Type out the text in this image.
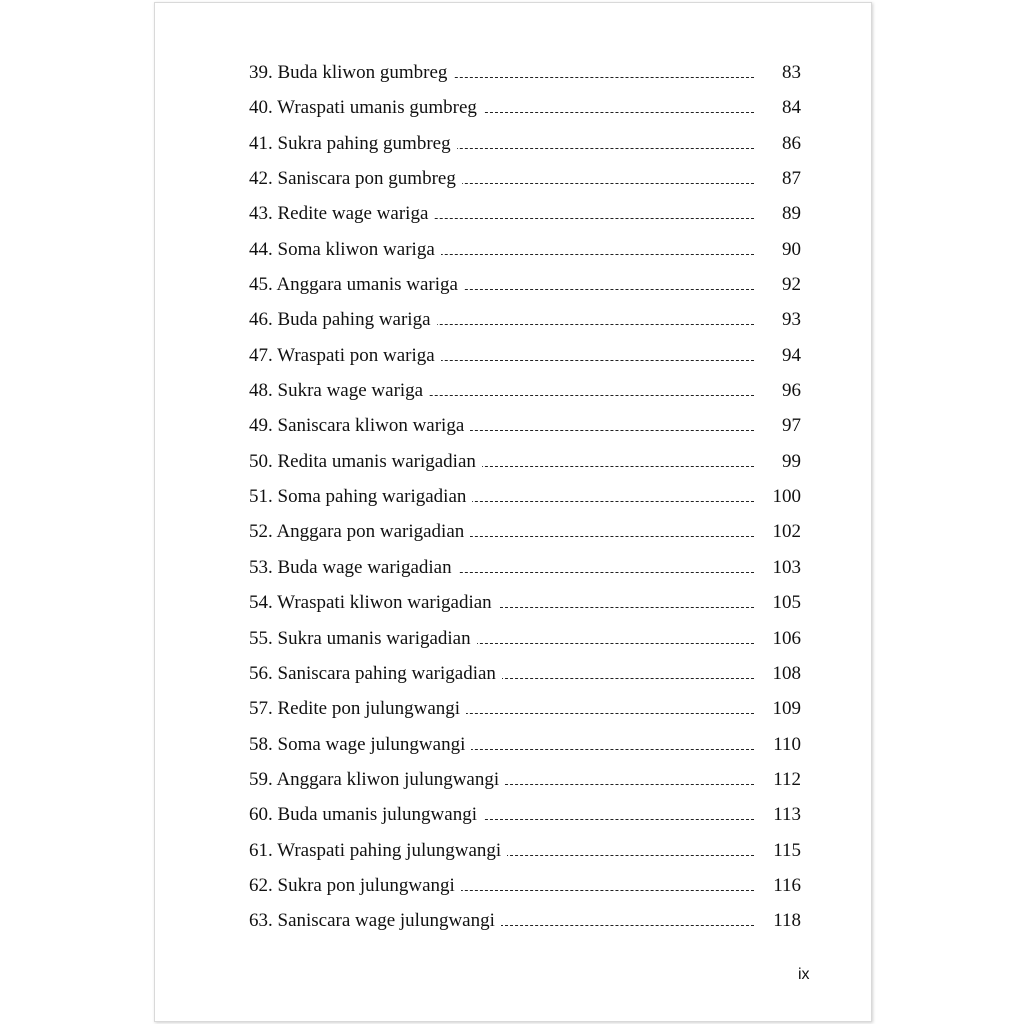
39. Buda kliwon gumbreg	83
40. Wraspati umanis gumbreg	84
41. Sukra pahing gumbreg	86
42. Saniscara pon gumbreg	87
43. Redite wage wariga	89
44. Soma kliwon wariga	90
45. Anggara umanis wariga	92
46. Buda pahing wariga	93
47. Wraspati pon wariga	94
48. Sukra wage wariga	96
49. Saniscara kliwon wariga	97
50. Redita umanis warigadian	99
51. Soma pahing warigadian	100
52. Anggara pon warigadian	102
53. Buda wage warigadian	103
54. Wraspati kliwon warigadian	105
55. Sukra umanis warigadian	106
56. Saniscara pahing warigadian	108
57. Redite pon julungwangi	109
58. Soma wage julungwangi	110
59. Anggara kliwon julungwangi	112
60. Buda umanis julungwangi	113
61. Wraspati pahing julungwangi	115
62. Sukra pon julungwangi	116
63. Saniscara wage julungwangi	118
ix
